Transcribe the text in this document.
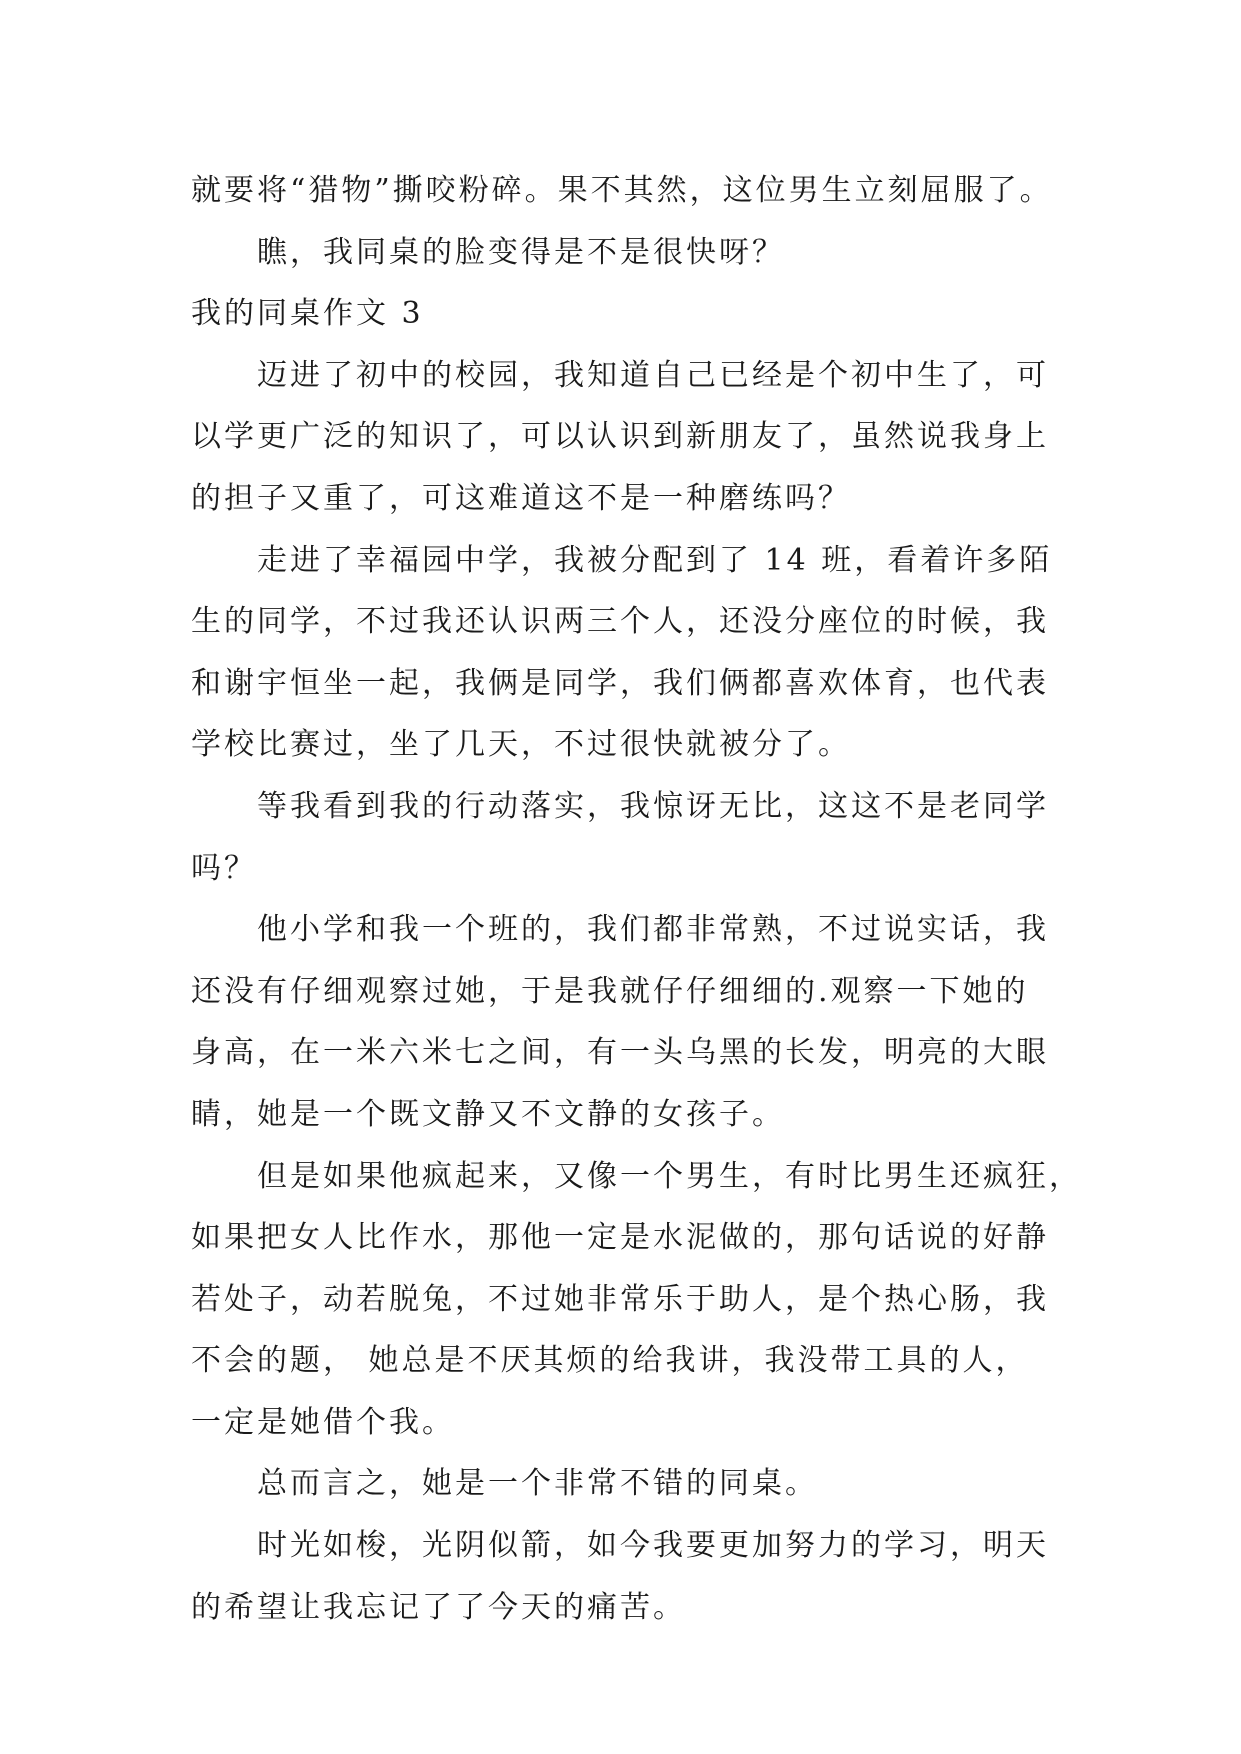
就要将“猎物”撕咬粉碎。果不其然，这位男生立刻屈服了。
瞧，我同桌的脸变得是不是很快呀？
我的同桌作文 3
迈进了初中的校园，我知道自己已经是个初中生了，可
以学更广泛的知识了，可以认识到新朋友了，虽然说我身上
的担子又重了，可这难道这不是一种磨练吗？
走进了幸福园中学，我被分配到了 14 班，看着许多陌
生的同学，不过我还认识两三个人，还没分座位的时候，我
和谢宇恒坐一起，我俩是同学，我们俩都喜欢体育，也代表
学校比赛过，坐了几天，不过很快就被分了。
等我看到我的行动落实，我惊讶无比，这这不是老同学
吗？
他小学和我一个班的，我们都非常熟，不过说实话，我
还没有仔细观察过她，于是我就仔仔细细的.观察一下她的
身高，在一米六米七之间，有一头乌黑的长发，明亮的大眼
睛，她是一个既文静又不文静的女孩子。
但是如果他疯起来，又像一个男生，有时比男生还疯狂，
如果把女人比作水，那他一定是水泥做的，那句话说的好静
若处子，动若脱兔，不过她非常乐于助人，是个热心肠，我
不会的题， 她总是不厌其烦的给我讲，我没带工具的人，
一定是她借个我。
总而言之，她是一个非常不错的同桌。
时光如梭，光阴似箭，如今我要更加努力的学习，明天
的希望让我忘记了了今天的痛苦。
